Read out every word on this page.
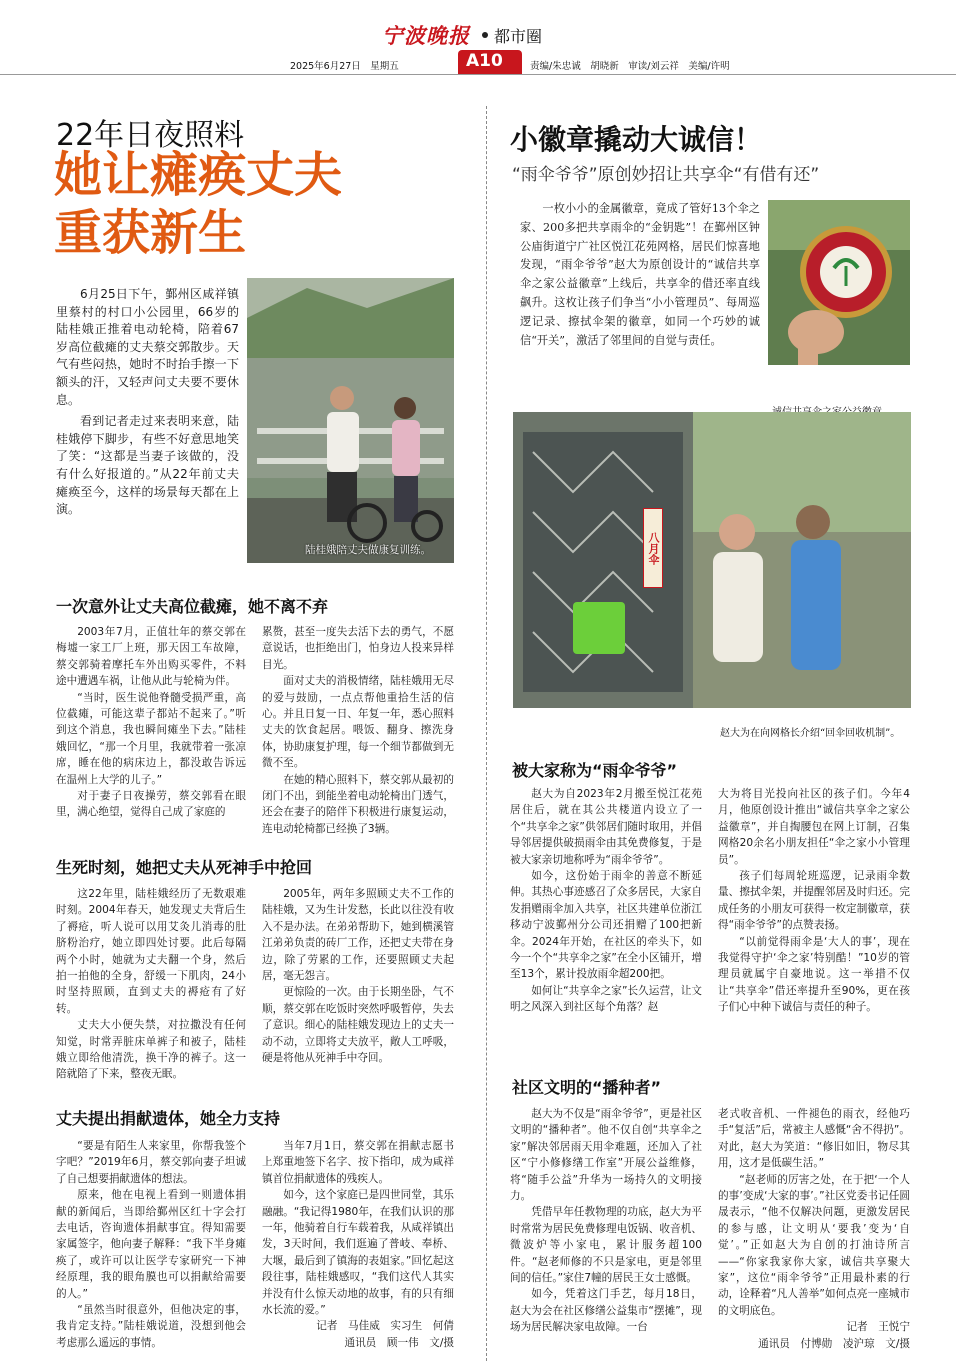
宁波晚报 都市圈
2025年6月27日　星期五	A10	责编/朱忠诚　胡晓新　审读/刘云祥　美编/许明
22年日夜照料
她让瘫痪丈夫
重获新生

6月25日下午，鄞州区咸祥镇里蔡村的村口小公园里，66岁的陆桂娥正推着电动轮椅，陪着67岁高位截瘫的丈夫蔡交郭散步。天气有些闷热，她时不时抬手擦一下额头的汗，又轻声问丈夫要不要休息。

看到记者走过来表明来意，陆桂娥停下脚步，有些不好意思地笑了笑：“这都是当妻子该做的，没有什么好报道的。”从22年前丈夫瘫痪至今，这样的场景每天都在上演。

陆桂娥陪丈夫做康复训练。
一次意外让丈夫高位截瘫，她不离不弃

2003年7月，正值壮年的蔡交郭在梅墟一家工厂上班，那天因工车故障，蔡交郭骑着摩托车外出购买零件，不料途中遭遇车祸，让他从此与轮椅为伴。

“当时，医生说他脊髓受损严重，高位截瘫，可能这辈子都站不起来了。”听到这个消息，我也瞬间瘫坐下去。”陆桂娥回忆，“那一个月里，我就带着一张凉席，睡在他的病床边上，都没敢告诉远在温州上大学的儿子。”

对于妻子日夜操劳，蔡交郭看在眼里，满心绝望，觉得自己成了家庭的

累赘，甚至一度失去活下去的勇气，不愿意说话，也拒绝出门，怕身边人投来异样目光。

面对丈夫的消极情绪，陆桂娥用无尽的爱与鼓励，一点点帮他重拾生活的信心。并且日复一日、年复一年，悉心照料丈夫的饮食起居。喂饭、翻身、擦洗身体，协助康复护理，每一个细节都做到无微不至。

在她的精心照料下，蔡交郭从最初的闭门不出，到能坐着电动轮椅出门透气，还会在妻子的陪伴下积极进行康复运动，连电动轮椅都已经换了3辆。

生死时刻，她把丈夫从死神手中抢回

这22年里，陆桂娥经历了无数艰难时刻。2004年春天，她发现丈夫背后生了褥疮，听人说可以用艾灸儿消毒的肚脐粉治疗，她立即四处讨要。此后每隔两个小时，她就为丈夫翻一个身，然后拍一拍他的全身，舒缓一下肌肉，24小时坚持照顾，直到丈夫的褥疮有了好转。

丈夫大小便失禁，对拉撒没有任何知觉，时常弄脏床单裤子和被子，陆桂娥立即给他清洗，换干净的裤子。这一陪就陪了下来，整夜无眠。

2005年，两年多照顾丈夫不工作的陆桂娥，又为生计发愁，长此以往没有收入不是办法。在弟弟帮助下，她到横溪管江弟弟负责的砖厂工作，还把丈夫带在身边，除了劳累的工作，还要照顾丈夫起居，毫无怨言。

更惊险的一次。由于长期坐卧，气不顺，蔡交郭在吃饭时突然呼吸暂停，失去了意识。细心的陆桂娥发现边上的丈夫一动不动，立即将丈夫放平，敞人工呼吸，硬是将他从死神手中夺回。

丈夫提出捐献遗体，她全力支持

“要是有陌生人来家里，你帮我签个字吧？”2019年6月，蔡交郭向妻子坦诚了自己想要捐献遗体的想法。

原来，他在电视上看到一则遗体捐献的新闻后，当即给鄞州区红十字会打去电话，咨询遗体捐献事宜。得知需要家属签字，他向妻子解释：“我下半身瘫痪了，或许可以让医学专家研究一下神经原理，我的眼角膜也可以捐献给需要的人。”

“虽然当时很意外，但他决定的事，我肯定支持。”陆桂娥说道，没想到他会考虑那么遥远的事情。

当年7月1日，蔡交郭在捐献志愿书上郑重地签下名字、按下指印，成为咸祥镇首位捐献遗体的残疾人。

如今，这个家庭已是四世同堂，其乐融融。“我记得1980年，在我们认识的那一年，他骑着自行车载着我，从咸祥镇出发，3天时间，我们逛遍了普岐、奉桥、大堰，最后到了镇海的表姐家。”回忆起这段往事，陆桂娥感叹，“我们这代人其实并没有什么惊天动地的故事，有的只有细水长流的爱。”

记者　马佳威　实习生　何倩

通讯员　顾一伟　文/摄

小徽章撬动大诚信！
“雨伞爷爷”原创妙招让共享伞“有借有还”

一枚小小的金属徽章，竟成了管好13个伞之家、200多把共享雨伞的“金钥匙”！在鄞州区钟公庙街道宁广社区悦江花苑网格，居民们惊喜地发现，“雨伞爷爷”赵大为原创设计的“诚信共享伞之家公益徽章”上线后，共享伞的借还率直线飙升。这枚让孩子们争当“小小管理员”、每周巡逻记录、擦拭伞架的徽章，如同一个巧妙的诚信“开关”，激活了邻里间的自觉与责任。

八月伞
赵大为在向网格长介绍“回伞回收机制”。
被大家称为“雨伞爷爷”

赵大为自2023年2月搬至悦江花苑居住后，就在其公共楼道内设立了一个“共享伞之家”供邻居们随时取用，并倡导邻居提供破损雨伞由其免费修复，于是被大家亲切地称呼为“雨伞爷爷”。

如今，这份始于雨伞的善意不断延伸。其热心事迹感召了众多居民，大家自发捐赠雨伞加入共享，社区共建单位浙江移动宁波鄞州分公司还捐赠了100把新伞。2024年开始，在社区的牵头下，如今一个个“共享伞之家”在全小区铺开，增至13个，累计投放雨伞超200把。

如何让“共享伞之家”长久运营，让文明之风深入到社区每个角落？赵

大为将目光投向社区的孩子们。今年4月，他原创设计推出“诚信共享伞之家公益徽章”，并自掏腰包在网上订制，召集网格20余名小朋友担任“伞之家小小管理员”。

孩子们每周轮班巡逻，记录雨伞数量、擦拭伞架，并提醒邻居及时归还。完成任务的小朋友可获得一枚定制徽章，获得“雨伞爷爷”的点赞表扬。

“以前觉得雨伞是‘大人的事’，现在我觉得守护‘伞之家’特别酷！”10岁的管理员就属宇自豪地说。这一举措不仅让“共享伞”借还率提升至90%，更在孩子们心中种下诚信与责任的种子。

社区文明的“播种者”

赵大为不仅是“雨伞爷爷”，更是社区文明的“播种者”。他不仅自创“共享伞之家”解决邻居雨天用伞难题，还加入了社区“宁小修修缮工作室”开展公益维修，将“随手公益”升华为一场持久的文明接力。

凭借早年任教物理的功底，赵大为平时常常为居民免费修理电饭锅、收音机、微波炉等小家电，累计服务超100件。“赵老师修的不只是家电，更是邻里间的信任。”家住7幢的居民王女士感慨。

如今，凭着这门手艺，每月18日，赵大为会在社区修缮公益集市“摆摊”，现场为居民解决家电故障。一台

老式收音机、一件褪色的雨衣，经他巧手“复活”后，常被主人感慨“舍不得扔”。对此，赵大为笑道：“修旧如旧，物尽其用，这才是低碳生活。”

“赵老师的厉害之处，在于把‘一个人的事’变成‘大家的事’。”社区党委书记任圆晟表示，“他不仅解决问题，更激发居民的参与感，让文明从‘要我’变为‘自觉’。”正如赵大为自创的打油诗所言——“你家我家你大家，诚信共享聚大家”，这位“雨伞爷爷”正用最朴素的行动，诠释着“凡人善举”如何点亮一座城市的文明底色。

记者　王悦宁

通讯员　付博勋　凌沪琼　文/摄
